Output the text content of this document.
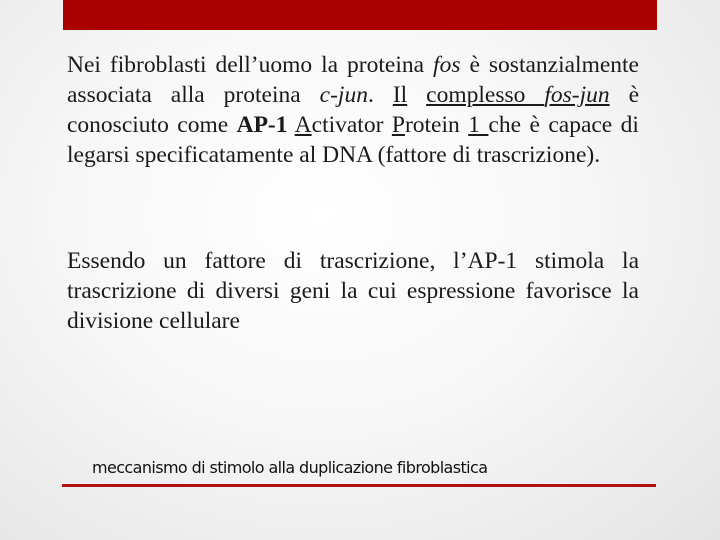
Nei fibroblasti dell’uomo la proteina fos è sostanzialmente associata alla proteina c-jun. Il complesso fos-jun è conosciuto come AP-1 Activator Protein 1 che è capace di legarsi specificatamente al DNA (fattore di trascrizione).

Essendo un fattore di trascrizione, l’AP-1 stimola la trascrizione di diversi geni la cui espressione favorisce la divisione cellulare

meccanismo di stimolo alla duplicazione fibroblastica
